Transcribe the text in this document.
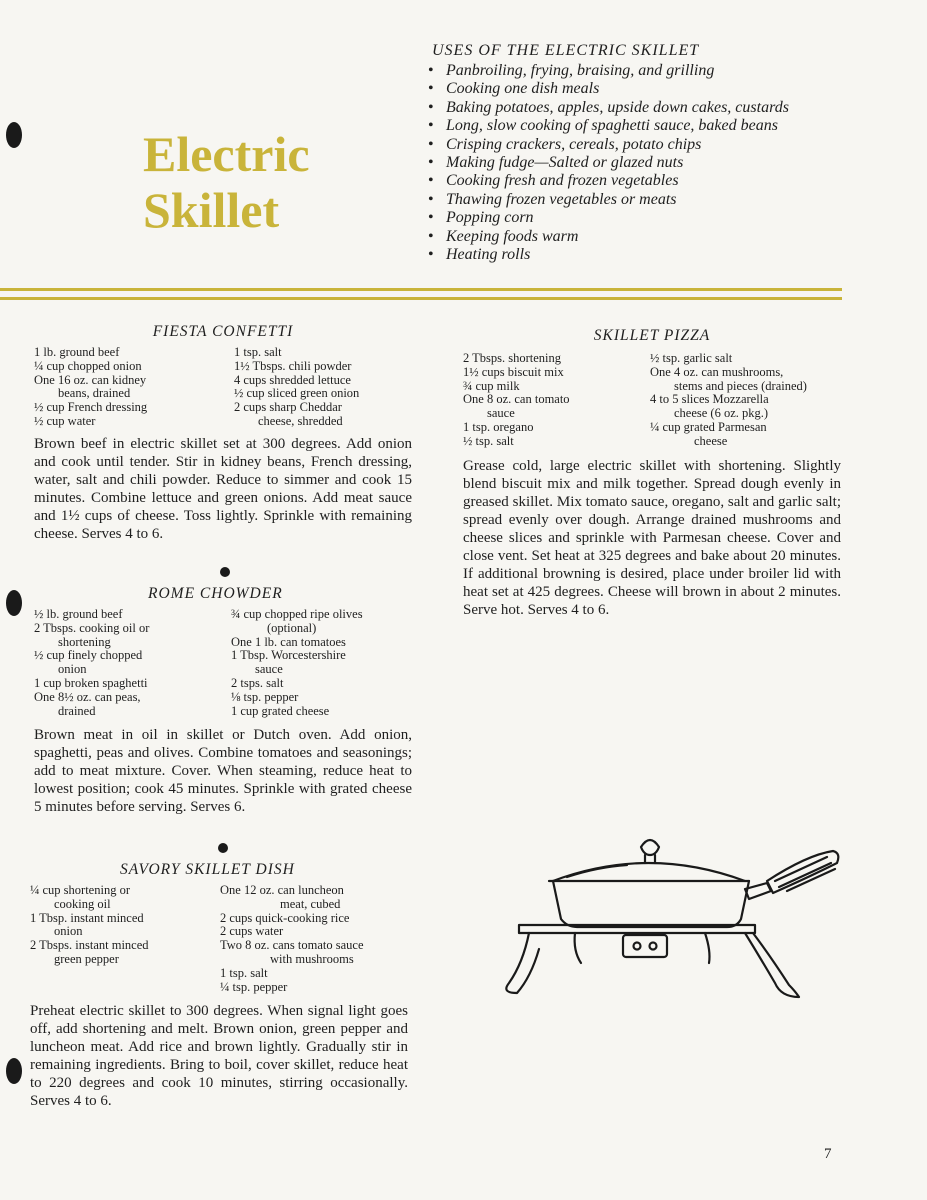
Electric
Skillet
USES OF THE ELECTRIC SKILLET
• Panbroiling, frying, braising, and grilling
• Cooking one dish meals
• Baking potatoes, apples, upside down cakes, custards
• Long, slow cooking of spaghetti sauce, baked beans
• Crisping crackers, cereals, potato chips
• Making fudge—Salted or glazed nuts
• Cooking fresh and frozen vegetables
• Thawing frozen vegetables or meats
• Popping corn
• Keeping foods warm
• Heating rolls
FIESTA CONFETTI
1 lb. ground beef
¼ cup chopped onion
One 16 oz. can kidney
beans, drained
½ cup French dressing
½ cup water
1 tsp. salt
1½ Tbsps. chili powder
4 cups shredded lettuce
½ cup sliced green onion
2 cups sharp Cheddar
cheese, shredded

Brown beef in electric skillet set at 300 degrees. Add onion and cook until tender. Stir in kidney beans, French dressing, water, salt and chili powder. Reduce to simmer and cook 15 minutes. Combine lettuce and green onions. Add meat sauce and 1½ cups of cheese. Toss lightly. Sprinkle with remaining cheese. Serves 4 to 6.

ROME CHOWDER
½ lb. ground beef
2 Tbsps. cooking oil or
shortening
½ cup finely chopped
onion
1 cup broken spaghetti
One 8½ oz. can peas,
drained
¾ cup chopped ripe olives
(optional)
One 1 lb. can tomatoes
1 Tbsp. Worcestershire
sauce
2 tsps. salt
⅛ tsp. pepper
1 cup grated cheese

Brown meat in oil in skillet or Dutch oven. Add onion, spaghetti, peas and olives. Combine tomatoes and seasonings; add to meat mixture. Cover. When steaming, reduce heat to lowest position; cook 45 minutes. Sprinkle with grated cheese 5 minutes before serving. Serves 6.

SAVORY SKILLET DISH
¼ cup shortening or
cooking oil
1 Tbsp. instant minced
onion
2 Tbsps. instant minced
green pepper
One 12 oz. can luncheon
meat, cubed
2 cups quick-cooking rice
2 cups water
Two 8 oz. cans tomato sauce
with mushrooms
1 tsp. salt
¼ tsp. pepper

Preheat electric skillet to 300 degrees. When signal light goes off, add shortening and melt. Brown onion, green pepper and luncheon meat. Add rice and brown lightly. Gradually stir in remaining ingredients. Bring to boil, cover skillet, reduce heat to 220 degrees and cook 10 minutes, stirring occasionally. Serves 4 to 6.

SKILLET PIZZA
2 Tbsps. shortening
1½ cups biscuit mix
¾ cup milk
One 8 oz. can tomato
sauce
1 tsp. oregano
½ tsp. salt
½ tsp. garlic salt
One 4 oz. can mushrooms,
stems and pieces (drained)
4 to 5 slices Mozzarella
cheese (6 oz. pkg.)
¼ cup grated Parmesan
cheese

Grease cold, large electric skillet with shortening. Slightly blend biscuit mix and milk together. Spread dough evenly in greased skillet. Mix tomato sauce, oregano, salt and garlic salt; spread evenly over dough. Arrange drained mushrooms and cheese slices and sprinkle with Parmesan cheese. Cover and close vent. Set heat at 325 degrees and bake about 20 minutes. If additional browning is desired, place under broiler lid with heat set at 425 degrees. Cheese will brown in about 2 minutes. Serve hot. Serves 4 to 6.

7
